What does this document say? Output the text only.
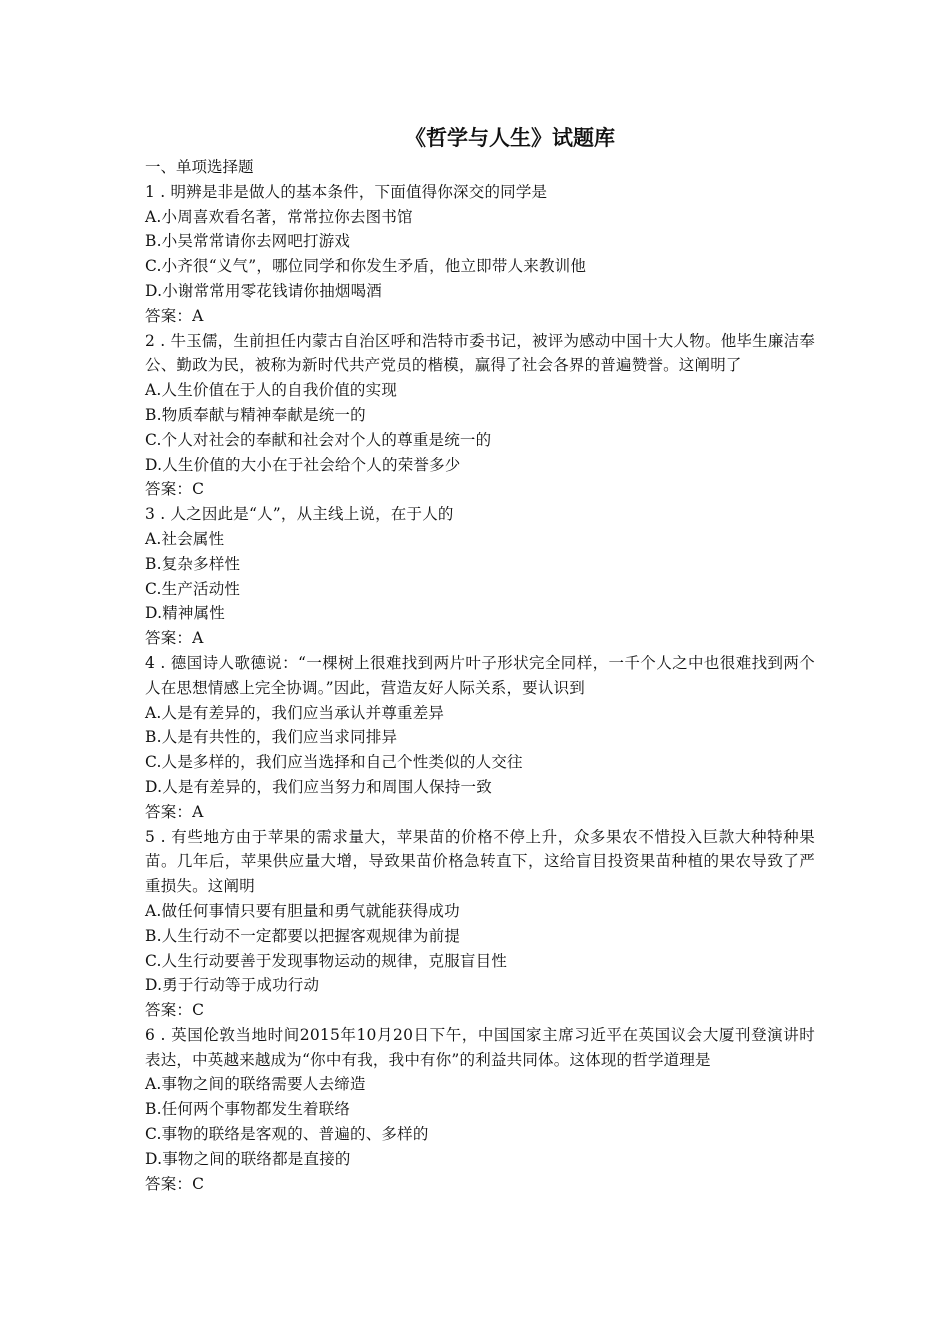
《哲学与人生》试题库
一、单项选择题
1 . 明辨是非是做人的基本条件，下面值得你深交的同学是
A.小周喜欢看名著，常常拉你去图书馆
B.小吴常常请你去网吧打游戏
C.小齐很“义气”，哪位同学和你发生矛盾，他立即带人来教训他
D.小谢常常用零花钱请你抽烟喝酒
答案：A
2 . 牛玉儒，生前担任内蒙古自治区呼和浩特市委书记，被评为感动中国十大人物。他毕生廉洁奉公、勤政为民，被称为新时代共产党员的楷模，赢得了社会各界的普遍赞誉。这阐明了
A.人生价值在于人的自我价值的实现
B.物质奉献与精神奉献是统一的
C.个人对社会的奉献和社会对个人的尊重是统一的
D.人生价值的大小在于社会给个人的荣誉多少
答案：C
3 . 人之因此是“人”，从主线上说，在于人的
A.社会属性
B.复杂多样性
C.生产活动性
D.精神属性
答案：A
4 . 德国诗人歌德说：“一棵树上很难找到两片叶子形状完全同样，一千个人之中也很难找到两个人在思想情感上完全协调。”因此，营造友好人际关系，要认识到
A.人是有差异的，我们应当承认并尊重差异
B.人是有共性的，我们应当求同排异
C.人是多样的，我们应当选择和自己个性类似的人交往
D.人是有差异的，我们应当努力和周围人保持一致
答案：A
5 . 有些地方由于苹果的需求量大，苹果苗的价格不停上升，众多果农不惜投入巨款大种特种果苗。几年后，苹果供应量大增，导致果苗价格急转直下，这给盲目投资果苗种植的果农导致了严重损失。这阐明
A.做任何事情只要有胆量和勇气就能获得成功
B.人生行动不一定都要以把握客观规律为前提
C.人生行动要善于发现事物运动的规律，克服盲目性
D.勇于行动等于成功行动
答案：C
6 . 英国伦敦当地时间2015年10月20日下午，中国国家主席习近平在英国议会大厦刊登演讲时表达，中英越来越成为“你中有我，我中有你”的利益共同体。这体现的哲学道理是
A.事物之间的联络需要人去缔造
B.任何两个事物都发生着联络
C.事物的联络是客观的、普遍的、多样的
D.事物之间的联络都是直接的
答案：C
